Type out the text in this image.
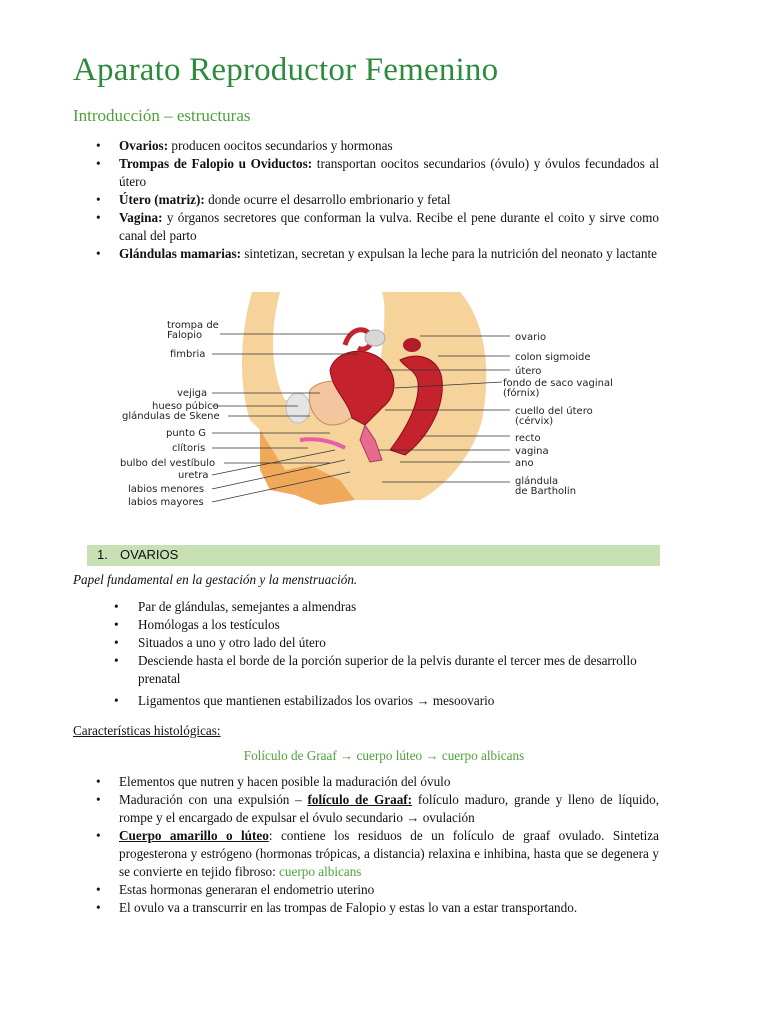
Aparato Reproductor Femenino
Introducción – estructuras
• Ovarios: producen oocitos secundarios y hormonas
• Trompas de Falopio u Oviductos: transportan oocitos secundarios (óvulo) y óvulos fecundados al útero
• Útero (matriz): donde ocurre el desarrollo embrionario y fetal
• Vagina: y órganos secretores que conforman la vulva. Recibe el pene durante el coito y sirve como canal del parto
• Glándulas mamarias: sintetizan, secretan y expulsan la leche para la nutrición del neonato y lactante
trompa de
Falopio
fimbria
vejiga
hueso púbico
glándulas de Skene
punto G
clítoris
bulbo del vestíbulo
uretra
labios menores
labios mayores
ovario
colon sigmoide
útero
fondo de saco vaginal
(fórnix)
cuello del útero
(cérvix)
recto
vagina
ano
glándula
de Bartholin
1. OVARIOS
Papel fundamental en la gestación y la menstruación.
• Par de glándulas, semejantes a almendras
• Homólogas a los testículos
• Situados a uno y otro lado del útero
• Desciende hasta el borde de la porción superior de la pelvis durante el tercer mes de desarrollo prenatal
• Ligamentos que mantienen estabilizados los ovarios → mesoovario
Características histológicas:
Folículo de Graaf → cuerpo lúteo → cuerpo albicans
• Elementos que nutren y hacen posible la maduración del óvulo
• Maduración con una expulsión – folículo de Graaf: folículo maduro, grande y lleno de líquido, rompe y el encargado de expulsar el óvulo secundario → ovulación
• Cuerpo amarillo o lúteo: contiene los residuos de un folículo de graaf ovulado. Sintetiza progesterona y estrógeno (hormonas trópicas, a distancia) relaxina e inhibina, hasta que se degenera y se convierte en tejido fibroso: cuerpo albicans
• Estas hormonas generaran el endometrio uterino
• El ovulo va a transcurrir en las trompas de Falopio y estas lo van a estar transportando.
